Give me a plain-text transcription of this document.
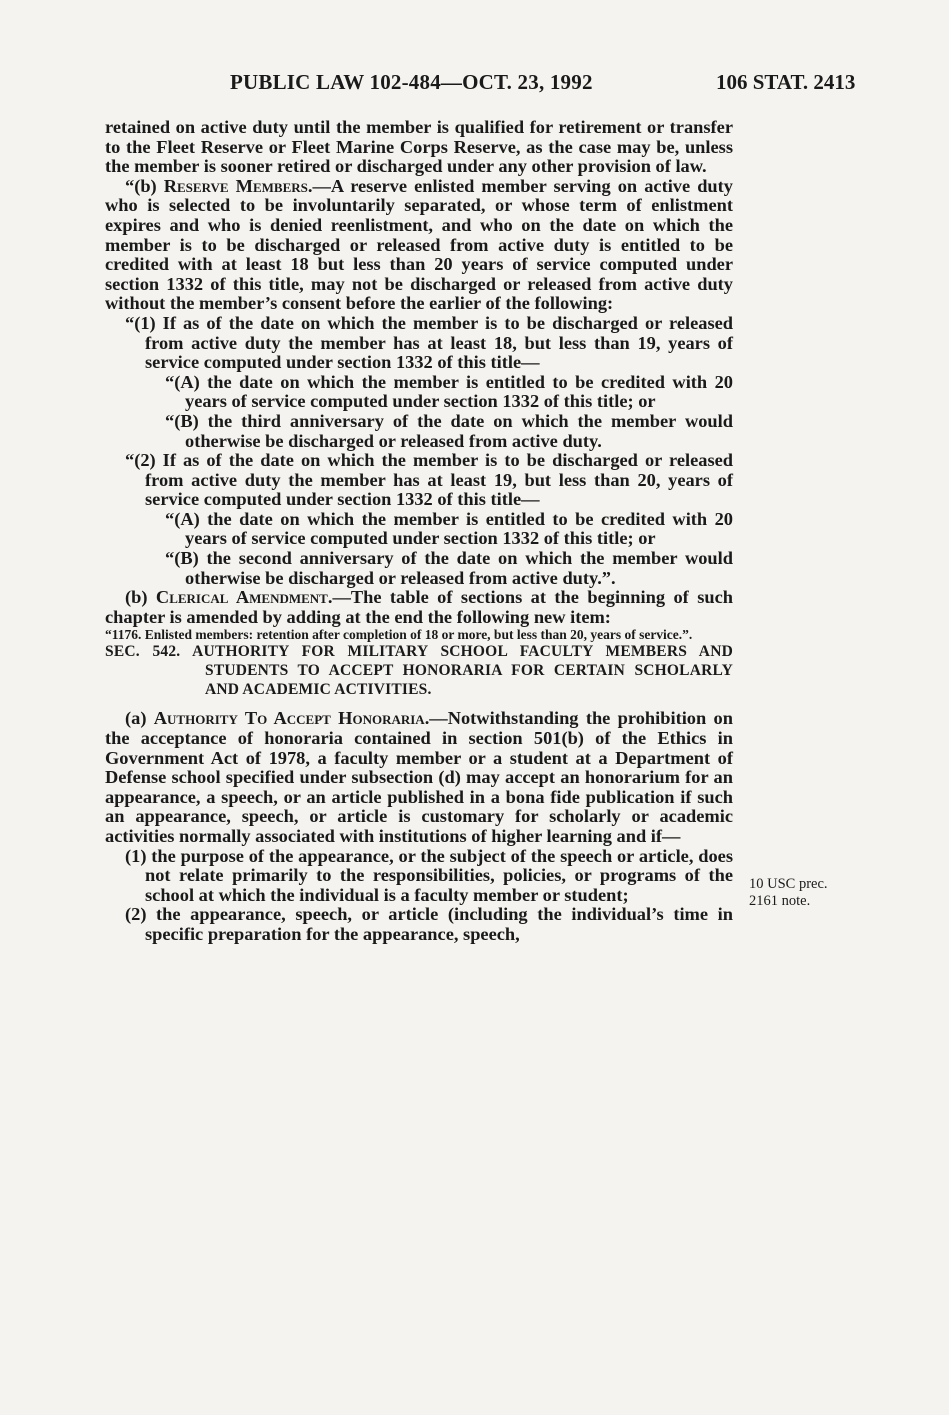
PUBLIC LAW 102-484—OCT. 23, 1992	106 STAT. 2413

retained on active duty until the member is qualified for retirement or transfer to the Fleet Reserve or Fleet Marine Corps Reserve, as the case may be, unless the member is sooner retired or discharged under any other provision of law.

“(b) Reserve Members.—A reserve enlisted member serving on active duty who is selected to be involuntarily separated, or whose term of enlistment expires and who is denied reenlistment, and who on the date on which the member is to be discharged or released from active duty is entitled to be credited with at least 18 but less than 20 years of service computed under section 1332 of this title, may not be discharged or released from active duty without the member’s consent before the earlier of the following:

“(1) If as of the date on which the member is to be discharged or released from active duty the member has at least 18, but less than 19, years of service computed under section 1332 of this title—

“(A) the date on which the member is entitled to be credited with 20 years of service computed under section 1332 of this title; or

“(B) the third anniversary of the date on which the member would otherwise be discharged or released from active duty.

“(2) If as of the date on which the member is to be discharged or released from active duty the member has at least 19, but less than 20, years of service computed under section 1332 of this title—

“(A) the date on which the member is entitled to be credited with 20 years of service computed under section 1332 of this title; or

“(B) the second anniversary of the date on which the member would otherwise be discharged or released from active duty.”.

(b) Clerical Amendment.—The table of sections at the beginning of such chapter is amended by adding at the end the following new item:

“1176. Enlisted members: retention after completion of 18 or more, but less than 20, years of service.”.

SEC. 542. AUTHORITY FOR MILITARY SCHOOL FACULTY MEMBERS AND STUDENTS TO ACCEPT HONORARIA FOR CERTAIN SCHOLARLY AND ACADEMIC ACTIVITIES.

(a) Authority To Accept Honoraria.—Notwithstanding the prohibition on the acceptance of honoraria contained in section 501(b) of the Ethics in Government Act of 1978, a faculty member or a student at a Department of Defense school specified under subsection (d) may accept an honorarium for an appearance, a speech, or an article published in a bona fide publication if such an appearance, speech, or article is customary for scholarly or academic activities normally associated with institutions of higher learning and if—

(1) the purpose of the appearance, or the subject of the speech or article, does not relate primarily to the responsibilities, policies, or programs of the school at which the individual is a faculty member or student;

(2) the appearance, speech, or article (including the individual’s time in specific preparation for the appearance, speech,

10 USC prec.
2161 note.
